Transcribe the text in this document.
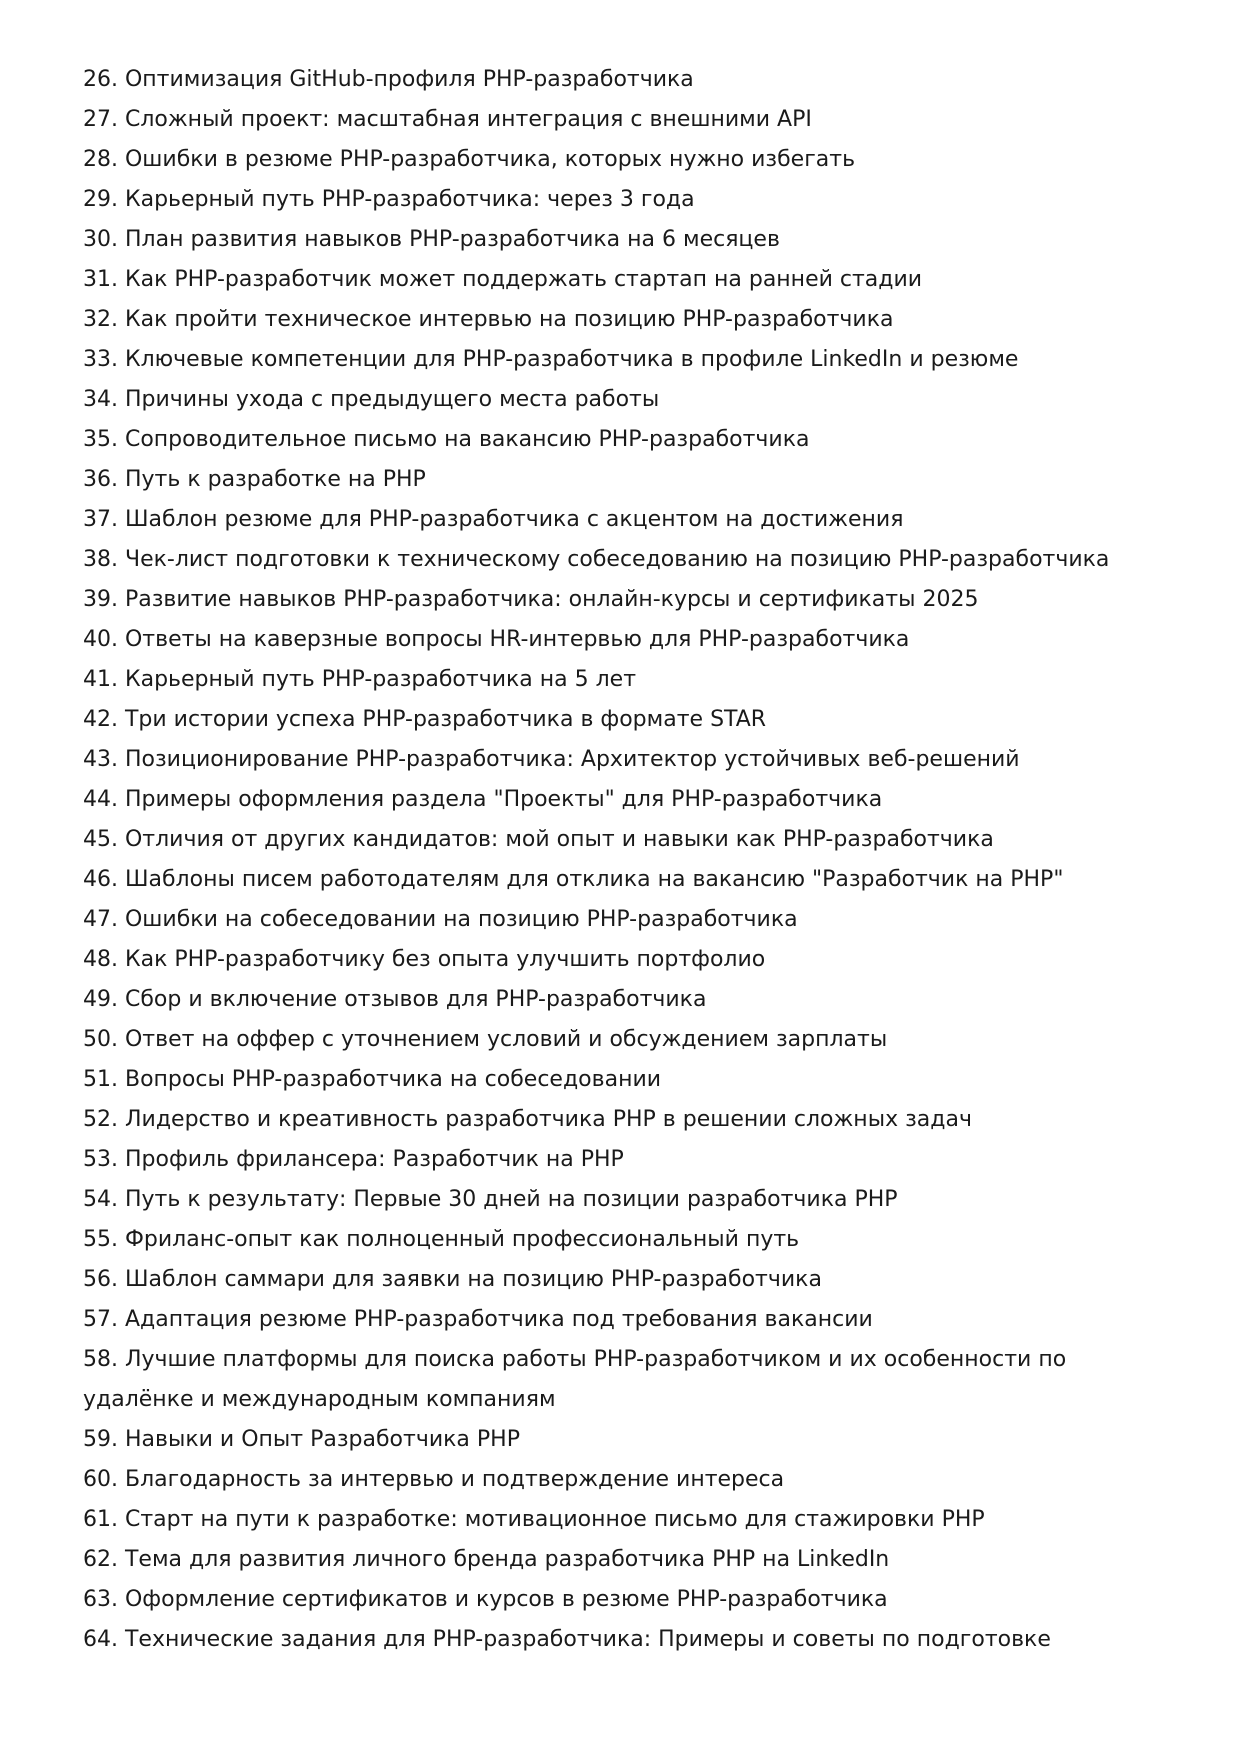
26. Оптимизация GitHub-профиля PHP-разработчика
27. Сложный проект: масштабная интеграция с внешними API
28. Ошибки в резюме PHP-разработчика, которых нужно избегать
29. Карьерный путь PHP-разработчика: через 3 года
30. План развития навыков PHP-разработчика на 6 месяцев
31. Как PHP-разработчик может поддержать стартап на ранней стадии
32. Как пройти техническое интервью на позицию PHP-разработчика
33. Ключевые компетенции для PHP-разработчика в профиле LinkedIn и резюме
34. Причины ухода с предыдущего места работы
35. Сопроводительное письмо на вакансию PHP-разработчика
36. Путь к разработке на PHP
37. Шаблон резюме для PHP-разработчика с акцентом на достижения
38. Чек-лист подготовки к техническому собеседованию на позицию PHP-разработчика
39. Развитие навыков PHP-разработчика: онлайн-курсы и сертификаты 2025
40. Ответы на каверзные вопросы HR-интервью для PHP-разработчика
41. Карьерный путь PHP-разработчика на 5 лет
42. Три истории успеха PHP-разработчика в формате STAR
43. Позиционирование PHP-разработчика: Архитектор устойчивых веб-решений
44. Примеры оформления раздела "Проекты" для PHP-разработчика
45. Отличия от других кандидатов: мой опыт и навыки как PHP-разработчика
46. Шаблоны писем работодателям для отклика на вакансию "Разработчик на PHP"
47. Ошибки на собеседовании на позицию PHP-разработчика
48. Как PHP-разработчику без опыта улучшить портфолио
49. Сбор и включение отзывов для PHP-разработчика
50. Ответ на оффер с уточнением условий и обсуждением зарплаты
51. Вопросы PHP-разработчика на собеседовании
52. Лидерство и креативность разработчика PHP в решении сложных задач
53. Профиль фрилансера: Разработчик на PHP
54. Путь к результату: Первые 30 дней на позиции разработчика PHP
55. Фриланс-опыт как полноценный профессиональный путь
56. Шаблон саммари для заявки на позицию PHP-разработчика
57. Адаптация резюме PHP-разработчика под требования вакансии
58. Лучшие платформы для поиска работы PHP-разработчиком и их особенности по удалёнке и международным компаниям
59. Навыки и Опыт Разработчика PHP
60. Благодарность за интервью и подтверждение интереса
61. Старт на пути к разработке: мотивационное письмо для стажировки PHP
62. Тема для развития личного бренда разработчика PHP на LinkedIn
63. Оформление сертификатов и курсов в резюме PHP-разработчика
64. Технические задания для PHP-разработчика: Примеры и советы по подготовке
